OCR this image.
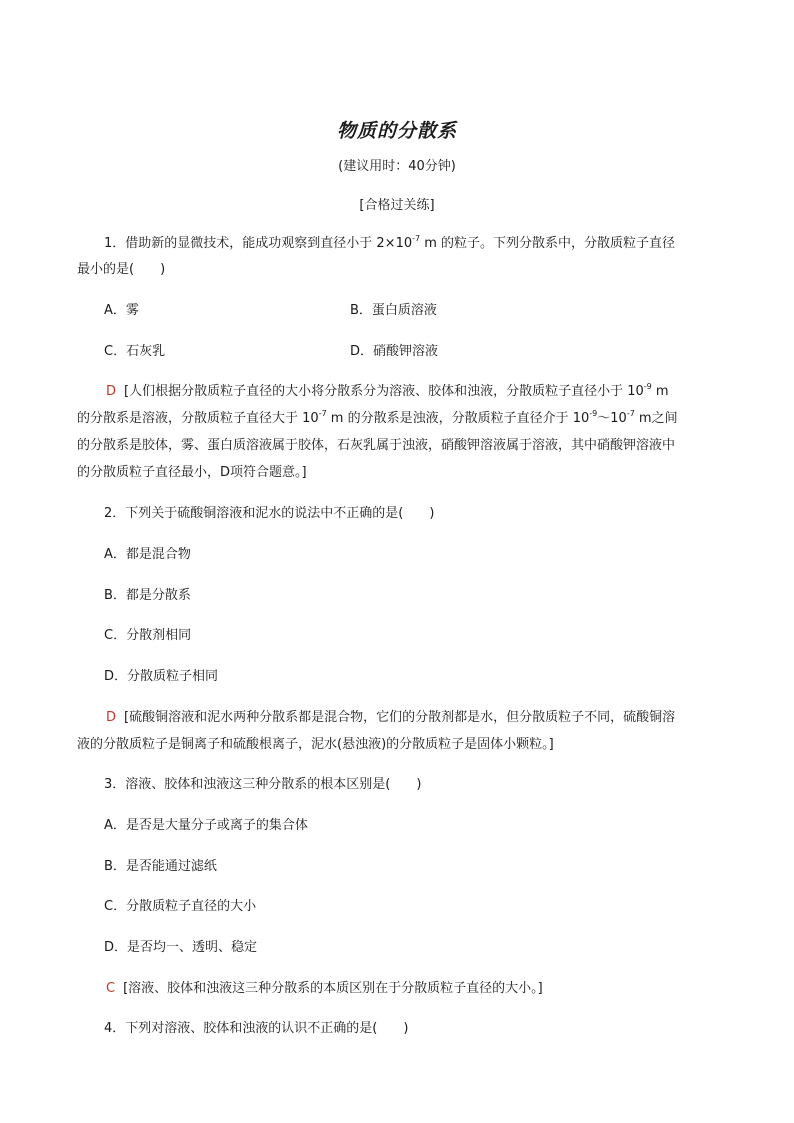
物质的分散系
(建议用时：40分钟)
[合格过关练]
1．借助新的显微技术，能成功观察到直径小于 $2\times 10^{-7}$ m 的粒子。下列分散系中，分散质粒子直径
最小的是(　　)
A．雾	B．蛋白质溶液
C．石灰乳	D．硝酸钾溶液
D [人们根据分散质粒子直径的大小将分散系分为溶液、胶体和浊液，分散质粒子直径小于 $10^{-9}$ m
的分散系是溶液，分散质粒子直径大于 $10^{-7}$ m 的分散系是浊液，分散质粒子直径介于 $10^{-9}\sim 10^{-7}$ m之间
的分散系是胶体，雾、蛋白质溶液属于胶体，石灰乳属于浊液，硝酸钾溶液属于溶液，其中硝酸钾溶液中
的分散质粒子直径最小，D项符合题意。]
2．下列关于硫酸铜溶液和泥水的说法中不正确的是(　　)
A．都是混合物
B．都是分散系
C．分散剂相同
D．分散质粒子相同
D [硫酸铜溶液和泥水两种分散系都是混合物，它们的分散剂都是水，但分散质粒子不同，硫酸铜溶
液的分散质粒子是铜离子和硫酸根离子，泥水(悬浊液)的分散质粒子是固体小颗粒。]
3．溶液、胶体和浊液这三种分散系的根本区别是(　　)
A．是否是大量分子或离子的集合体
B．是否能通过滤纸
C．分散质粒子直径的大小
D．是否均一、透明、稳定
C [溶液、胶体和浊液这三种分散系的本质区别在于分散质粒子直径的大小。]
4．下列对溶液、胶体和浊液的认识不正确的是(　　)
